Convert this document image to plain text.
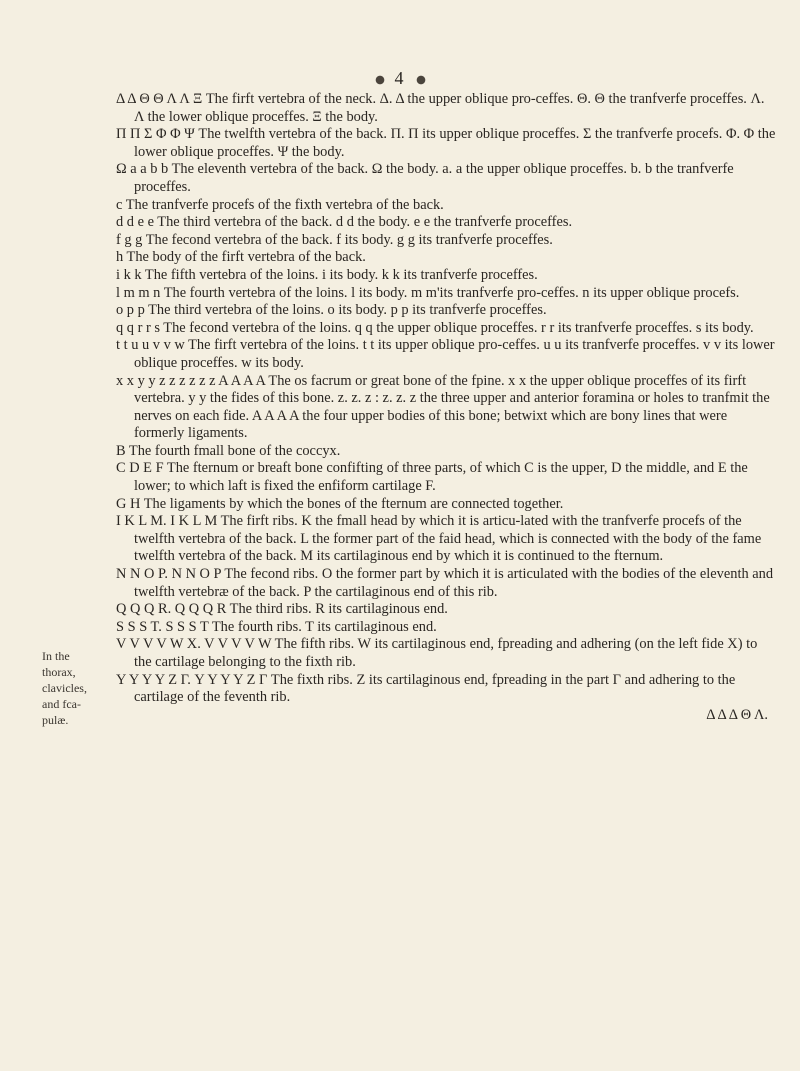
4
In the thorax, clavicles, and fca-pulæ.

Δ Δ Θ Θ Λ Λ Ξ The firft vertebra of the neck. Δ. Δ the upper oblique pro-ceffes. Θ. Θ the tranfverfe proceffes. Λ. Λ the lower oblique proceffes. Ξ the body.

Π Π Σ Φ Φ Ψ The twelfth vertebra of the back. Π. Π its upper oblique proceffes. Σ the tranfverfe procefs. Φ. Φ the lower oblique proceffes. Ψ the body.

Ω a a b b The eleventh vertebra of the back. Ω the body. a. a the upper oblique proceffes. b. b the tranfverfe proceffes.

c The tranfverfe procefs of the fixth vertebra of the back.

d d e e The third vertebra of the back. d d the body. e e the tranfverfe proceffes.

f g g The fecond vertebra of the back. f its body. g g its tranfverfe proceffes.

h The body of the firft vertebra of the back.

i k k The fifth vertebra of the loins. i its body. k k its tranfverfe proceffes.

l m m n The fourth vertebra of the loins. l its body. m m'its tranfverfe pro-ceffes. n its upper oblique procefs.

o p p The third vertebra of the loins. o its body. p p its tranfverfe proceffes.

q q r r s The fecond vertebra of the loins. q q the upper oblique proceffes. r r its tranfverfe proceffes. s its body.

t t u u v v w The firft vertebra of the loins. t t its upper oblique pro-ceffes. u u its tranfverfe proceffes. v v its lower oblique proceffes. w its body.

x x y y z z z z z z A A A A The os facrum or great bone of the fpine. x x the upper oblique proceffes of its firft vertebra. y y the fides of this bone. z. z. z : z. z. z the three upper and anterior foramina or holes to tranfmit the nerves on each fide. A A A A the four upper bodies of this bone; betwixt which are bony lines that were formerly ligaments.

B The fourth fmall bone of the coccyx.

C D E F The fternum or breaft bone confifting of three parts, of which C is the upper, D the middle, and E the lower; to which laft is fixed the enfiform cartilage F.

G H The ligaments by which the bones of the fternum are connected together.

I K L M. I K L M The firft ribs. K the fmall head by which it is articu-lated with the tranfverfe procefs of the twelfth vertebra of the back. L the former part of the faid head, which is connected with the body of the fame twelfth vertebra of the back. M its cartilaginous end by which it is continued to the fternum.

N N O P. N N O P The fecond ribs. O the former part by which it is articulated with the bodies of the eleventh and twelfth vertebræ of the back. P the cartilaginous end of this rib.

Q Q Q R. Q Q Q R The third ribs. R its cartilaginous end.

S S S T. S S S T The fourth ribs. T its cartilaginous end.

V V V V W X. V V V V W The fifth ribs. W its cartilaginous end, fpreading and adhering (on the left fide X) to the cartilage belonging to the fixth rib.

Y Y Y Y Z Γ. Y Y Y Y Z Γ The fixth ribs. Z its cartilaginous end, fpreading in the part Γ and adhering to the cartilage of the feventh rib.

Δ Δ Δ Θ Λ.
